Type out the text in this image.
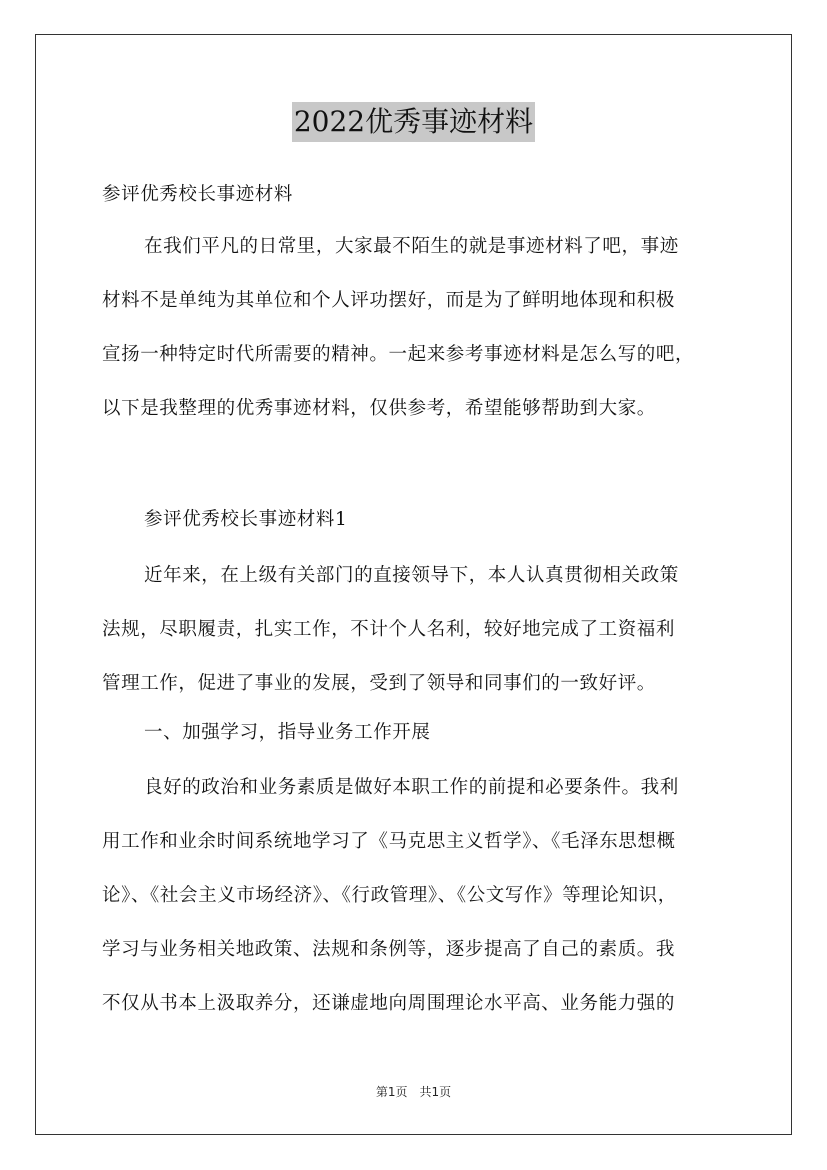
2022优秀事迹材料
参评优秀校长事迹材料
在我们平凡的日常里，大家最不陌生的就是事迹材料了吧，事迹
材料不是单纯为其单位和个人评功摆好，而是为了鲜明地体现和积极
宣扬一种特定时代所需要的精神。一起来参考事迹材料是怎么写的吧，
以下是我整理的优秀事迹材料，仅供参考，希望能够帮助到大家。
参评优秀校长事迹材料1
近年来，在上级有关部门的直接领导下，本人认真贯彻相关政策
法规，尽职履责，扎实工作，不计个人名利，较好地完成了工资福利
管理工作，促进了事业的发展，受到了领导和同事们的一致好评。
一、加强学习，指导业务工作开展
良好的政治和业务素质是做好本职工作的前提和必要条件。我利
用工作和业余时间系统地学习了《马克思主义哲学》、《毛泽东思想概
论》、《社会主义市场经济》、《行政管理》、《公文写作》等理论知识，
学习与业务相关地政策、法规和条例等，逐步提高了自己的素质。我
不仅从书本上汲取养分，还谦虚地向周围理论水平高、业务能力强的
第1页 共1页
